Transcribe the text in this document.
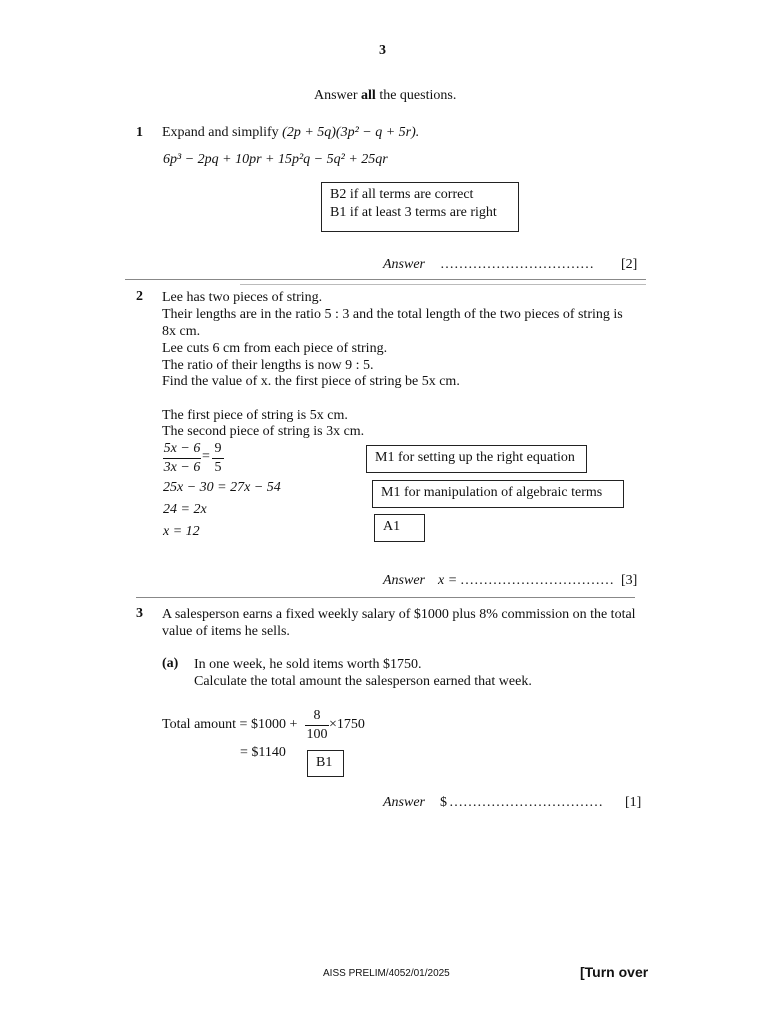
3
Answer all the questions.
1 Expand and simplify (2p + 5q)(3p² − q + 5r).
6p³ − 2pq + 10pr + 15p²q − 5q² + 25qr
B2 if all terms are correct
B1 if at least 3 terms are right
Answer …………………………… [2]
2 Lee has two pieces of string.
Their lengths are in the ratio 5 : 3 and the total length of the two pieces of string is
8x cm.
Lee cuts 6 cm from each piece of string.
The ratio of their lengths is now 9 : 5.
Find the value of x. the first piece of string be 5x cm.
The first piece of string is 5x cm.
The second piece of string is 3x cm.
$\frac{5x - 6}{3x - 6} = \frac{9}{5}$
25x − 30 = 27x − 54
24 = 2x
x = 12
M1 for setting up the right equation
M1 for manipulation of algebraic terms
A1
Answer x = …………………………… [3]
3 A salesperson earns a fixed weekly salary of $1000 plus 8% commission on the total
value of items he sells.
(a) In one week, he sold items worth $1750.
Calculate the total amount the salesperson earned that week.
Total amount = $1000 + $\frac{8}{100} \times 1750$
= $1140
B1
Answer $ …………………………… [1]
AISS PRELIM/4052/01/2025	[Turn over
